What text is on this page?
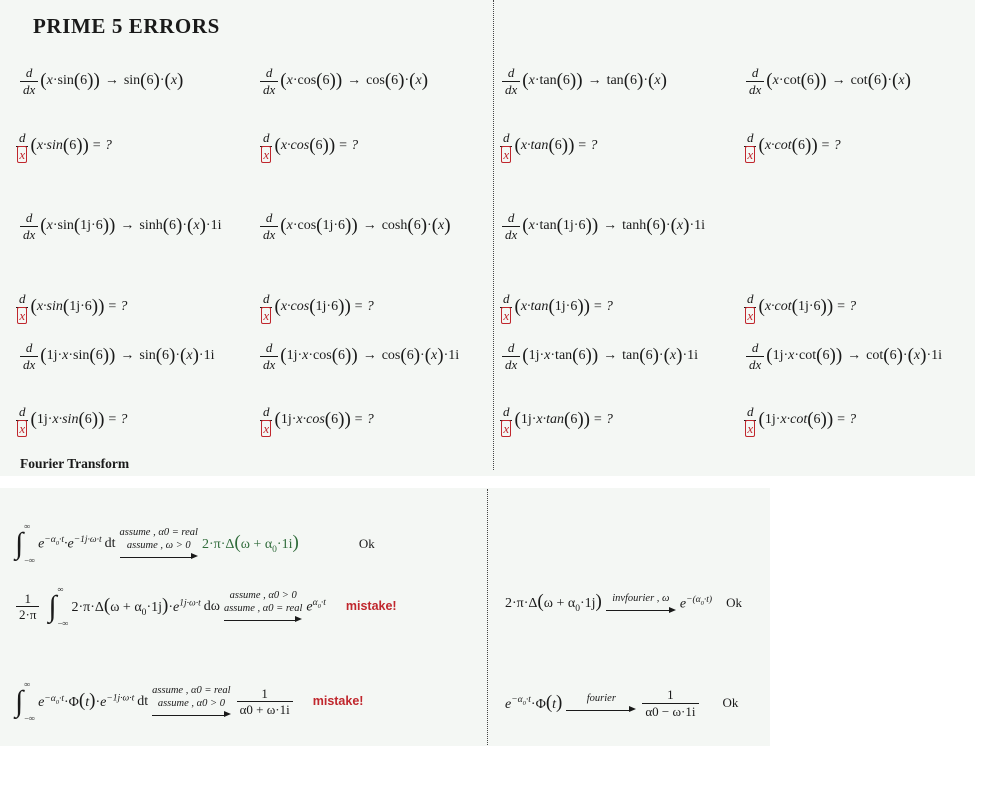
PRIME 5 ERRORS
Fourier Transform
$\frac{d}{dx}$ ( x ·sin ( 6 ) ) → sin ( 6 ) · ( x )	$\frac{d}{dx}$ ( x ·cos ( 6 ) ) → cos ( 6 ) · ( x )	$\frac{d}{dx}$ ( x ·tan ( 6 ) ) → tan ( 6 ) · ( x )	$\frac{d}{dx}$ ( x ·cot ( 6 ) ) → cot ( 6 ) · ( x )
$\frac{d}{x}$ ( x·sin ( 6 ) ) = ?	$\frac{d}{x}$ ( x·cos ( 6 ) ) = ?	$\frac{d}{x}$ ( x·tan ( 6 ) ) = ?	$\frac{d}{x}$ ( x·cot ( 6 ) ) = ?
$\frac{d}{dx}$ ( x ·sin ( 1j·6 ) ) → sinh ( 6 ) · ( x ) ·1i	$\frac{d}{dx}$ ( x ·cos ( 1j·6 ) ) → cosh ( 6 ) · ( x )	$\frac{d}{dx}$ ( x ·tan ( 1j·6 ) ) → tanh ( 6 ) · ( x ) ·1i
$\frac{d}{x}$ ( x·sin ( 1j·6 ) ) = ?	$\frac{d}{x}$ ( x·cos ( 1j·6 ) ) = ?	$\frac{d}{x}$ ( x·tan ( 1j·6 ) ) = ?	$\frac{d}{x}$ ( x·cot ( 1j·6 ) ) = ?
$\frac{d}{dx}$ ( 1j· x ·sin ( 6 ) ) → sin ( 6 ) · ( x ) ·1i	$\frac{d}{dx}$ ( 1j· x ·cos ( 6 ) ) → cos ( 6 ) · ( x ) ·1i	$\frac{d}{dx}$ ( 1j· x ·tan ( 6 ) ) → tan ( 6 ) · ( x ) ·1i	$\frac{d}{dx}$ ( 1j· x ·cot ( 6 ) ) → cot ( 6 ) · ( x ) ·1i
$\frac{d}{x}$ ( 1j· x·sin ( 6 ) ) = ?	$\frac{d}{x}$ ( 1j· x·cos ( 6 ) ) = ?	$\frac{d}{x}$ ( 1j· x·tan ( 6 ) ) = ?	$\frac{d}{x}$ ( 1j· x·cot ( 6 ) ) = ?
∫
∞
−∞
$e^{-\alpha_0\cdot t}\cdot e^{-1j\cdot\omega\cdot t}$ dt
assume , α0 = real
assume , ω > 0 $2\cdot\pi\cdot\Delta(\omega + \alpha_0\cdot 1i)$	Ok
$\frac{1}{2\cdot\pi}$ ∫
∞
−∞
$2\cdot\pi\cdot\Delta(\omega + \alpha_0\cdot 1j)\cdot e^{1j\cdot\omega\cdot t}$ dω
assume , α0 > 0
assume , α0 = real $e^{\alpha_0\cdot t}$ mistake!	$2\cdot\pi\cdot\Delta(\omega + \alpha_0\cdot 1j)$ invfourier , ω $e^{-(\alpha_0\cdot t)}$ Ok
∫
∞
−∞
$e^{-\alpha_0\cdot t}\cdot\Phi(t)\cdot e^{-1j\cdot\omega\cdot t}$ dt
assume , α0 = real
assume , $\alpha 0 > 0 \frac{1}{\alpha 0 + \omega\cdot 1i}$ mistake!	$e^{-\alpha_0\cdot t}\cdot\Phi(t)$ fourier $\frac{1}{\alpha 0 - \omega\cdot 1i}$ Ok
